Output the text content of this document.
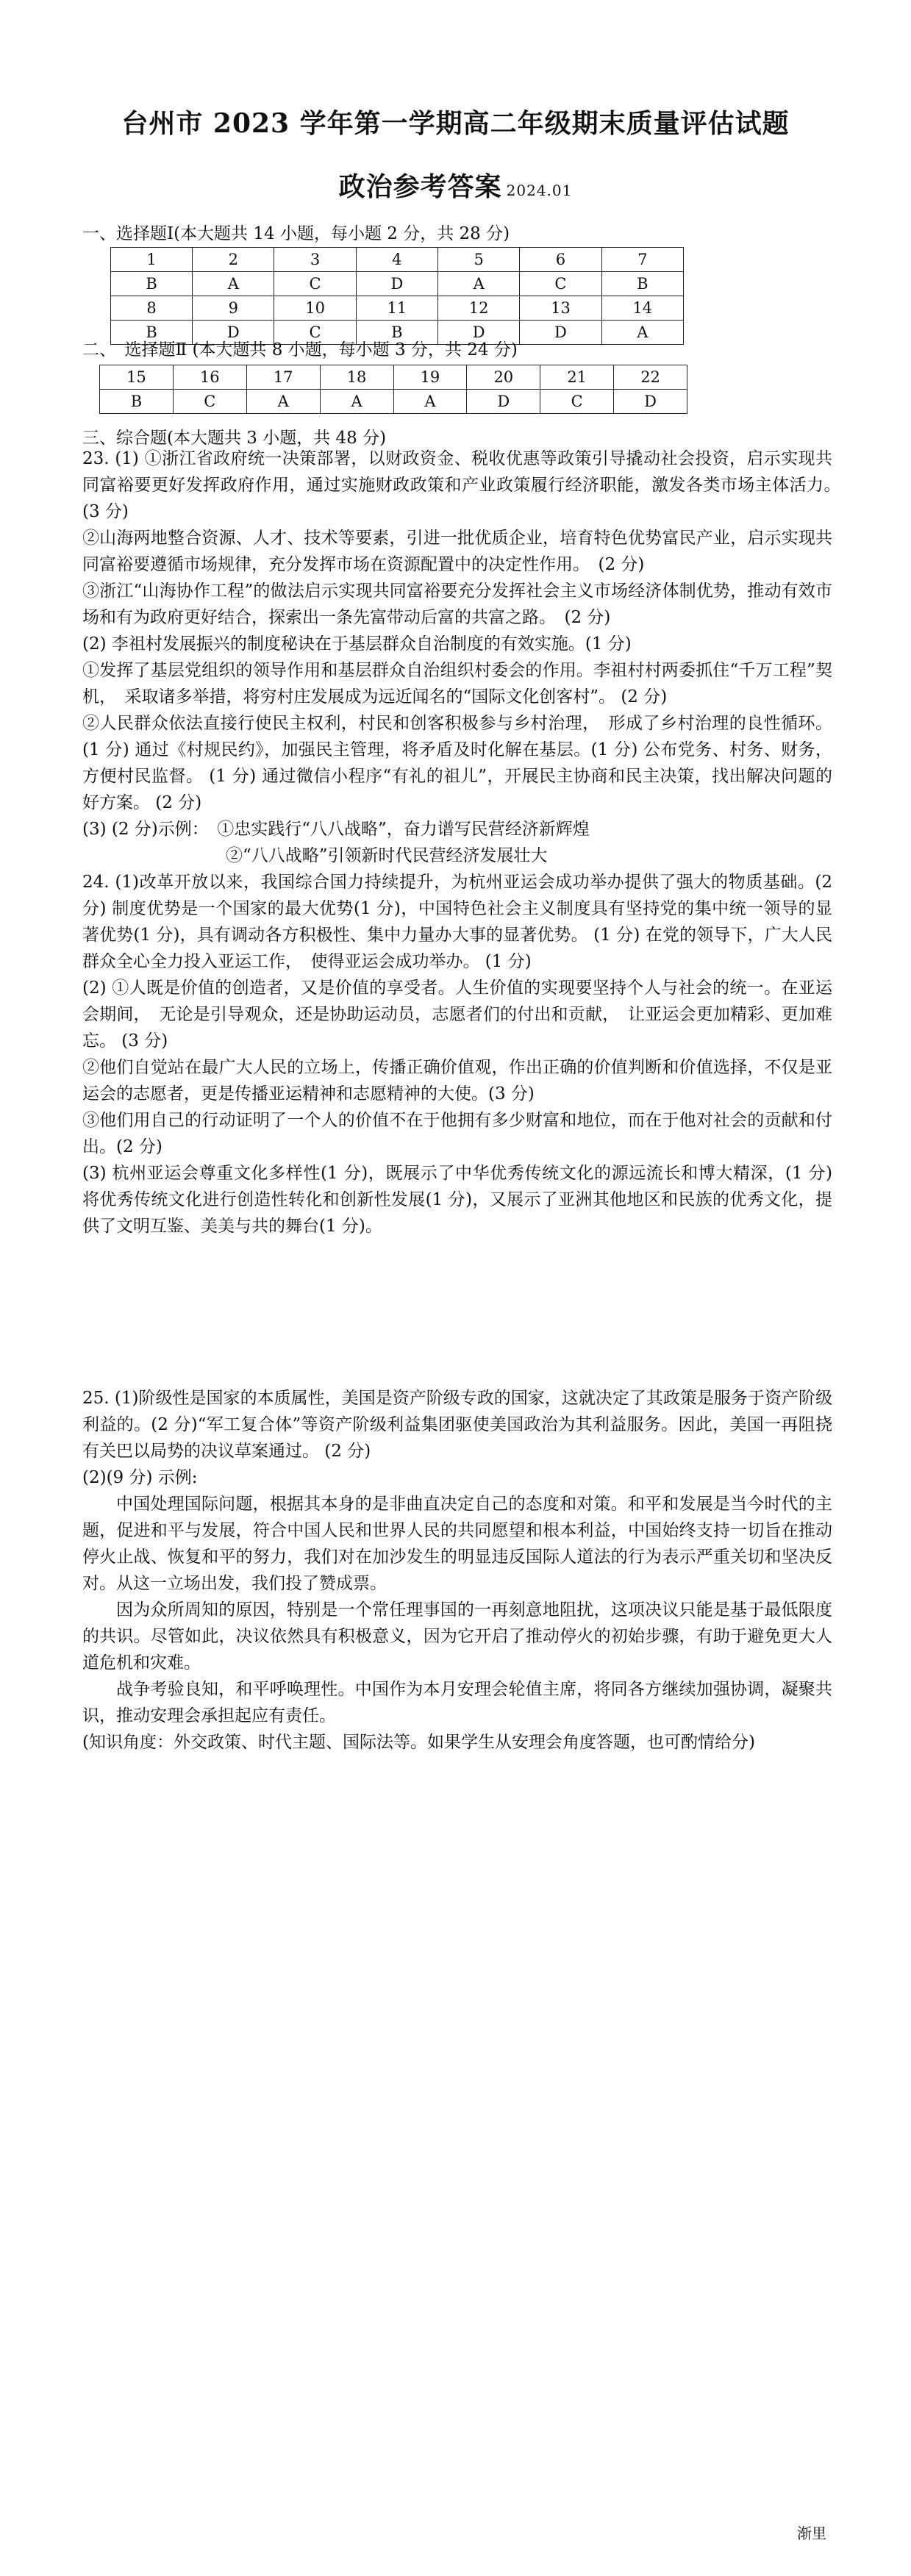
台州市 2023 学年第一学期高二年级期末质量评估试题
政治参考答案 2024.01
一、选择题Ⅰ(本大题共 14 小题，每小题 2 分，共 28 分)
1	2	3	4	5	6	7
B	A	C	D	A	C	B
8	9	10	11	12	13	14
B	D	C	B	D	D	A
二、　选择题Ⅱ (本大题共 8 小题，每小题 3 分，共 24 分)
15	16	17	18	19	20	21	22
B	C	A	A	A	D	C	D
三、综合题(本大题共 3 小题，共 48 分)

23. (1) ①浙江省政府统一决策部署，以财政资金、税收优惠等政策引导撬动社会投资，启示实现共同富裕要更好发挥政府作用，通过实施财政政策和产业政策履行经济职能，激发各类市场主体活力。　(3 分)

②山海两地整合资源、人才、技术等要素，引进一批优质企业，培育特色优势富民产业，启示实现共同富裕要遵循市场规律，充分发挥市场在资源配置中的决定性作用。　(2 分)

③浙江“山海协作工程”的做法启示实现共同富裕要充分发挥社会主义市场经济体制优势，推动有效市场和有为政府更好结合，探索出一条先富带动后富的共富之路。　(2 分)

(2) 李祖村发展振兴的制度秘诀在于基层群众自治制度的有效实施。(1 分)

①发挥了基层党组织的领导作用和基层群众自治组织村委会的作用。李祖村村两委抓住“千万工程”契机，　采取诸多举措，将穷村庄发展成为远近闻名的“国际文化创客村”。 (2 分)

②人民群众依法直接行使民主权利，村民和创客积极参与乡村治理，　形成了乡村治理的良性循环。(1 分) 通过《村规民约》，加强民主管理，将矛盾及时化解在基层。(1 分) 公布党务、村务、财务，方便村民监督。 (1 分) 通过微信小程序“有礼的祖儿”，开展民主协商和民主决策，找出解决问题的好方案。 (2 分)

(3) (2 分)示例：　①忠实践行“八八战略”，奋力谱写民营经济新辉煌

②“八八战略”引领新时代民营经济发展壮大

24. (1)改革开放以来，我国综合国力持续提升，为杭州亚运会成功举办提供了强大的物质基础。(2 分) 制度优势是一个国家的最大优势(1 分)，中国特色社会主义制度具有坚持党的集中统一领导的显著优势(1 分)，具有调动各方积极性、集中力量办大事的显著优势。 (1 分) 在党的领导下，广大人民群众全心全力投入亚运工作，　使得亚运会成功举办。 (1 分)

(2) ①人既是价值的创造者，又是价值的享受者。人生价值的实现要坚持个人与社会的统一。在亚运会期间，　无论是引导观众，还是协助运动员，志愿者们的付出和贡献，　让亚运会更加精彩、更加难忘。 (3 分)

②他们自觉站在最广大人民的立场上，传播正确价值观，作出正确的价值判断和价值选择，不仅是亚运会的志愿者，更是传播亚运精神和志愿精神的大使。(3 分)

③他们用自己的行动证明了一个人的价值不在于他拥有多少财富和地位，而在于他对社会的贡献和付出。(2 分)

(3) 杭州亚运会尊重文化多样性(1 分)，既展示了中华优秀传统文化的源远流长和博大精深，(1 分) 将优秀传统文化进行创造性转化和创新性发展(1 分)，又展示了亚洲其他地区和民族的优秀文化，提供了文明互鉴、美美与共的舞台(1 分)。

25. (1)阶级性是国家的本质属性，美国是资产阶级专政的国家，这就决定了其政策是服务于资产阶级利益的。(2 分)“军工复合体”等资产阶级利益集团驱使美国政治为其利益服务。因此，美国一再阻挠有关巴以局势的决议草案通过。 (2 分)

(2)(9 分) 示例:

中国处理国际问题，根据其本身的是非曲直决定自己的态度和对策。和平和发展是当今时代的主题，促进和平与发展，符合中国人民和世界人民的共同愿望和根本利益，中国始终支持一切旨在推动停火止战、恢复和平的努力，我们对在加沙发生的明显违反国际人道法的行为表示严重关切和坚决反对。从这一立场出发，我们投了赞成票。

因为众所周知的原因，特别是一个常任理事国的一再刻意地阻扰，这项决议只能是基于最低限度的共识。尽管如此，决议依然具有积极意义，因为它开启了推动停火的初始步骤，有助于避免更大人道危机和灾难。

战争考验良知，和平呼唤理性。中国作为本月安理会轮值主席，将同各方继续加强协调，凝聚共识，推动安理会承担起应有责任。

(知识角度：外交政策、时代主题、国际法等。如果学生从安理会角度答题，也可酌情给分)

渐里
